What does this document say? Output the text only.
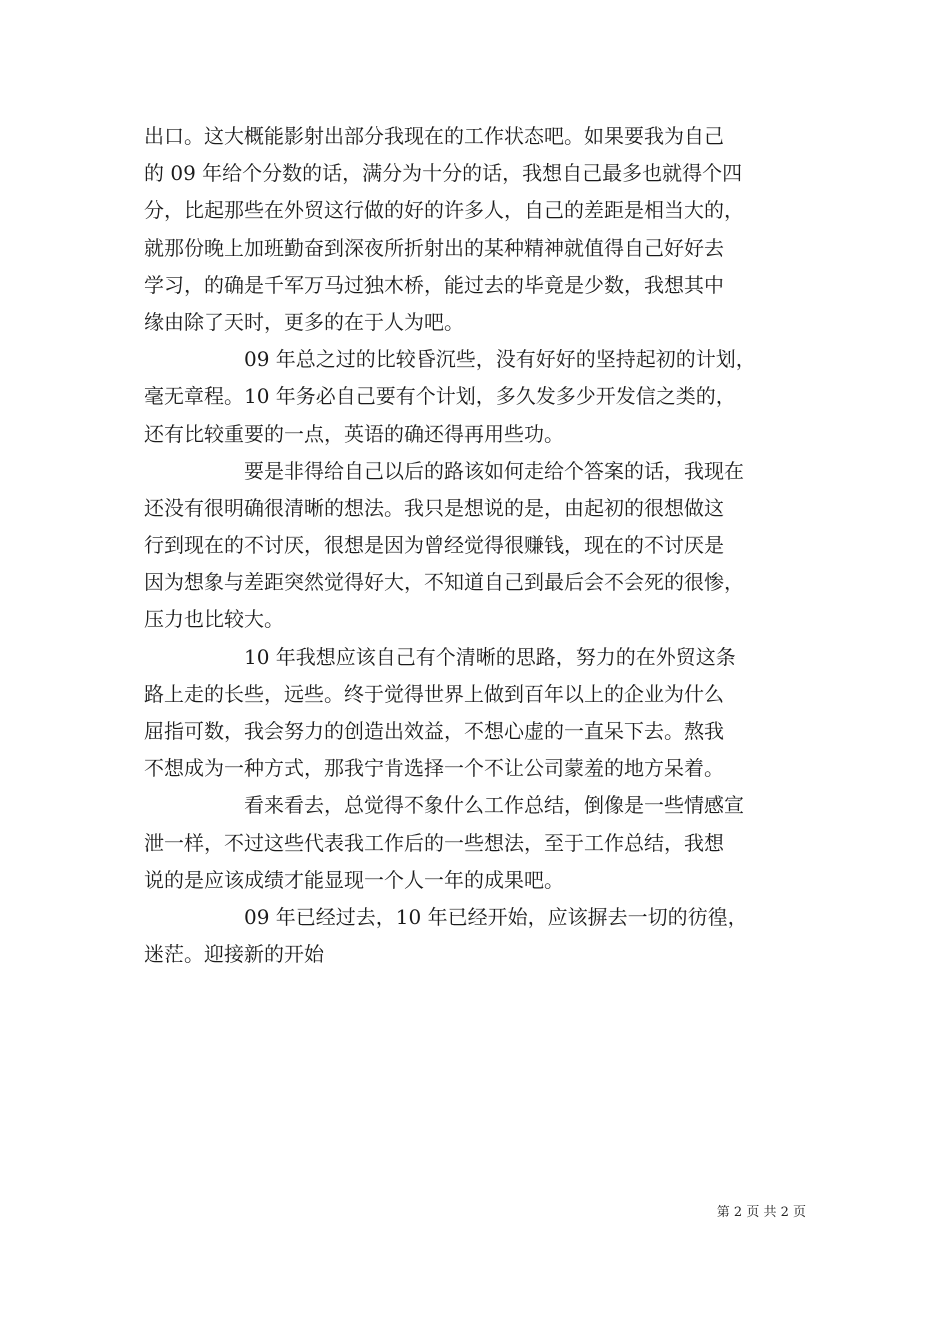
出口。这大概能影射出部分我现在的工作状态吧。如果要我为自己
的 09 年给个分数的话，满分为十分的话，我想自己最多也就得个四
分，比起那些在外贸这行做的好的许多人，自己的差距是相当大的，
就那份晚上加班勤奋到深夜所折射出的某种精神就值得自己好好去
学习，的确是千军万马过独木桥，能过去的毕竟是少数，我想其中
缘由除了天时，更多的在于人为吧。
09 年总之过的比较昏沉些，没有好好的坚持起初的计划，
毫无章程。10 年务必自己要有个计划，多久发多少开发信之类的，
还有比较重要的一点，英语的确还得再用些功。
要是非得给自己以后的路该如何走给个答案的话，我现在
还没有很明确很清晰的想法。我只是想说的是，由起初的很想做这
行到现在的不讨厌，很想是因为曾经觉得很赚钱，现在的不讨厌是
因为想象与差距突然觉得好大，不知道自己到最后会不会死的很惨，
压力也比较大。
10 年我想应该自己有个清晰的思路，努力的在外贸这条
路上走的长些，远些。终于觉得世界上做到百年以上的企业为什么
屈指可数，我会努力的创造出效益，不想心虚的一直呆下去。熬我
不想成为一种方式，那我宁肯选择一个不让公司蒙羞的地方呆着。
看来看去，总觉得不象什么工作总结，倒像是一些情感宣
泄一样，不过这些代表我工作后的一些想法，至于工作总结，我想
说的是应该成绩才能显现一个人一年的成果吧。
09 年已经过去，10 年已经开始，应该摒去一切的彷徨，
迷茫。迎接新的开始
第 2 页 共 2 页
